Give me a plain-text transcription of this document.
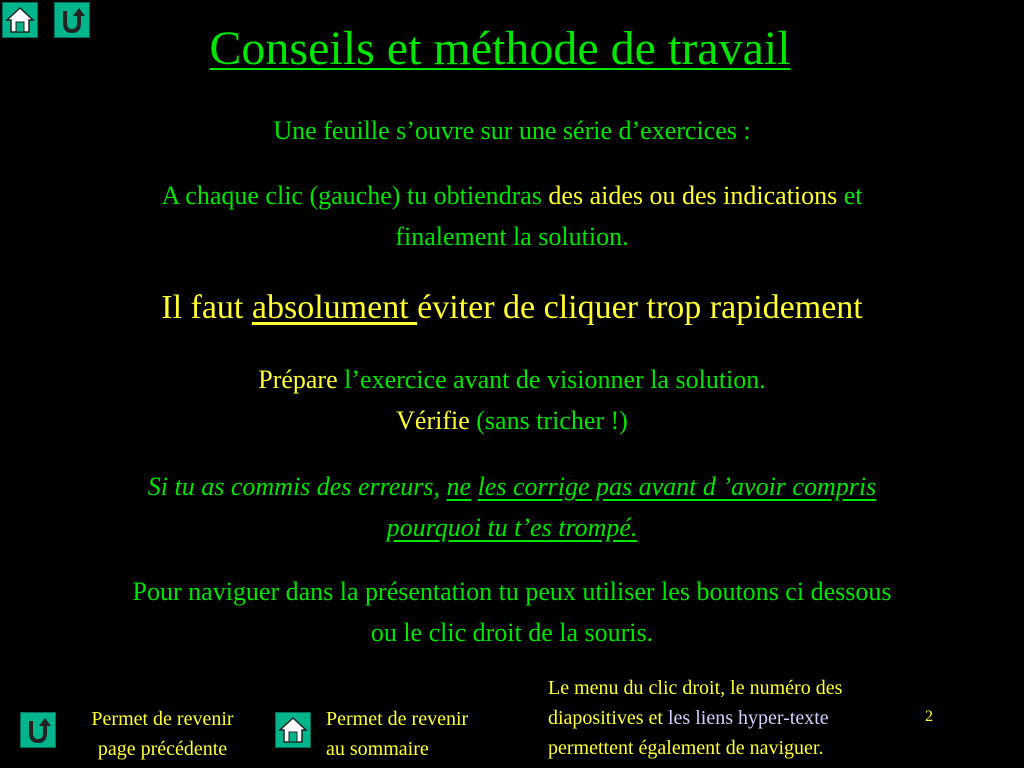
Conseils et méthode de travail
Une feuille s’ouvre sur une série d’exercices :
A chaque clic (gauche) tu obtiendras des aides ou des indications et
finalement la solution.
Il faut absolument éviter de cliquer trop rapidement
Prépare l’exercice avant de visionner la solution.
Vérifie (sans tricher !)
Si tu as commis des erreurs, ne les corrige pas avant d ’avoir compris
pourquoi tu t’es trompé.
Pour naviguer dans la présentation tu peux utiliser les boutons ci dessous
ou le clic droit de la souris.
Permet de revenir
page précédente
Permet de revenir
au sommaire
Le menu du clic droit, le numéro des
diapositives et les liens hyper-texte
permettent également de naviguer.
2
